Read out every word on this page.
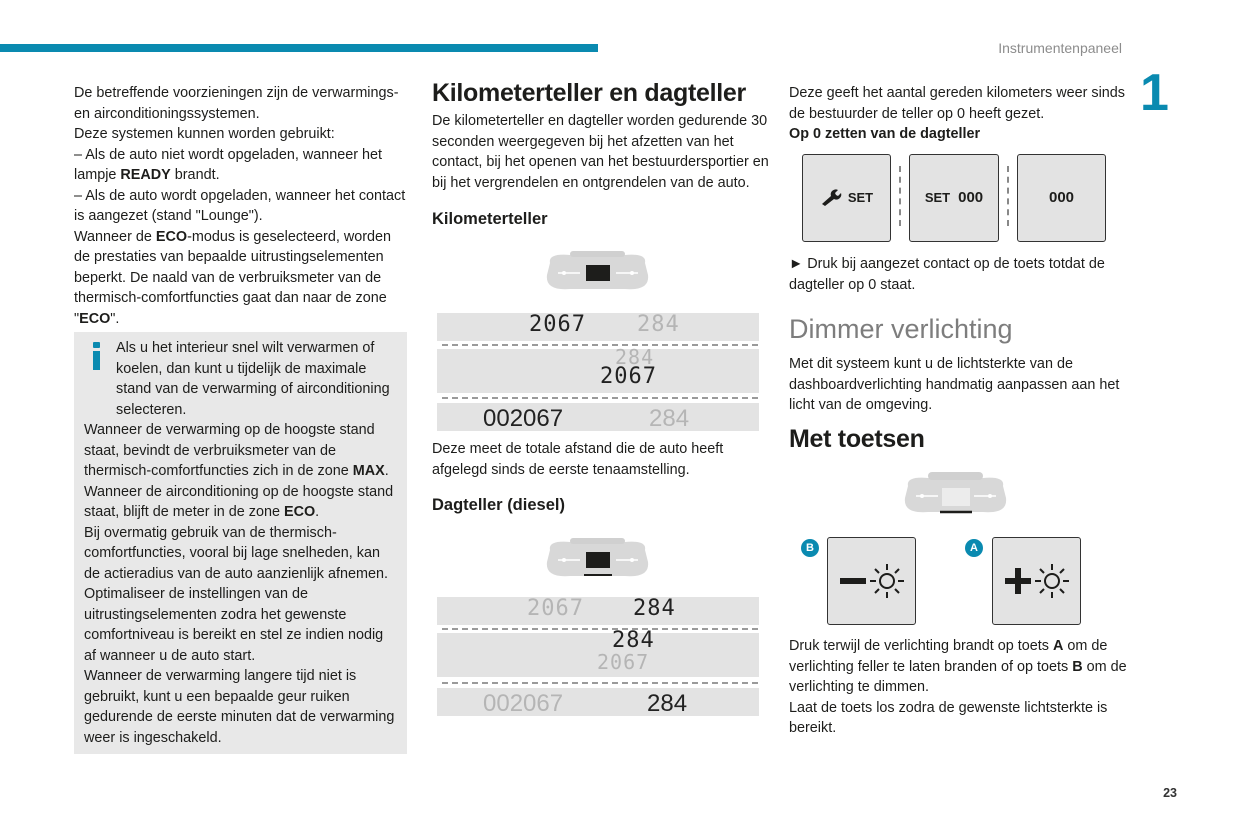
Instrumentenpaneel
1
23

De betreffende voorzieningen zijn de verwarmings- en airconditioningssystemen.

Deze systemen kunnen worden gebruikt:

– Als de auto niet wordt opgeladen, wanneer het lampje READY brandt.

– Als de auto wordt opgeladen, wanneer het contact is aangezet (stand "Lounge").

Wanneer de ECO-modus is geselecteerd, worden de prestaties van bepaalde uitrustingselementen beperkt. De naald van de verbruiksmeter van de thermisch-comfortfuncties gaat dan naar de zone "ECO".

Als u het interieur snel wilt verwarmen of koelen, dan kunt u tijdelijk de maximale stand van de verwarming of airconditioning selecteren.

Wanneer de verwarming op de hoogste stand staat, bevindt de verbruiksmeter van de thermisch-comfortfuncties zich in de zone MAX.

Wanneer de airconditioning op de hoogste stand staat, blijft de meter in de zone ECO.

Bij overmatig gebruik van de thermisch-comfortfuncties, vooral bij lage snelheden, kan de actieradius van de auto aanzienlijk afnemen.

Optimaliseer de instellingen van de uitrustingselementen zodra het gewenste comfortniveau is bereikt en stel ze indien nodig af wanneer u de auto start.

Wanneer de verwarming langere tijd niet is gebruikt, kunt u een bepaalde geur ruiken gedurende de eerste minuten dat de verwarming weer is ingeschakeld.

Kilometerteller en dagteller

De kilometerteller en dagteller worden gedurende 30 seconden weergegeven bij het afzetten van het contact, bij het openen van het bestuurdersportier en bij het vergrendelen en ontgrendelen van de auto.

Kilometerteller
2067 284
284
2067
002067	284

Deze meet de totale afstand die de auto heeft afgelegd sinds de eerste tenaamstelling.

Dagteller (diesel)
2067 284
284
2067
002067	284

Deze geeft het aantal gereden kilometers weer sinds de bestuurder de teller op 0 heeft gezet.

Op 0 zetten van de dagteller

SET	SET 000	000

► Druk bij aangezet contact op de toets totdat de dagteller op 0 staat.

Dimmer verlichting

Met dit systeem kunt u de lichtsterkte van de dashboardverlichting handmatig aanpassen aan het licht van de omgeving.

Met toetsen
B	A

Druk terwijl de verlichting brandt op toets A om de verlichting feller te laten branden of op toets B om de verlichting te dimmen.

Laat de toets los zodra de gewenste lichtsterkte is bereikt.
